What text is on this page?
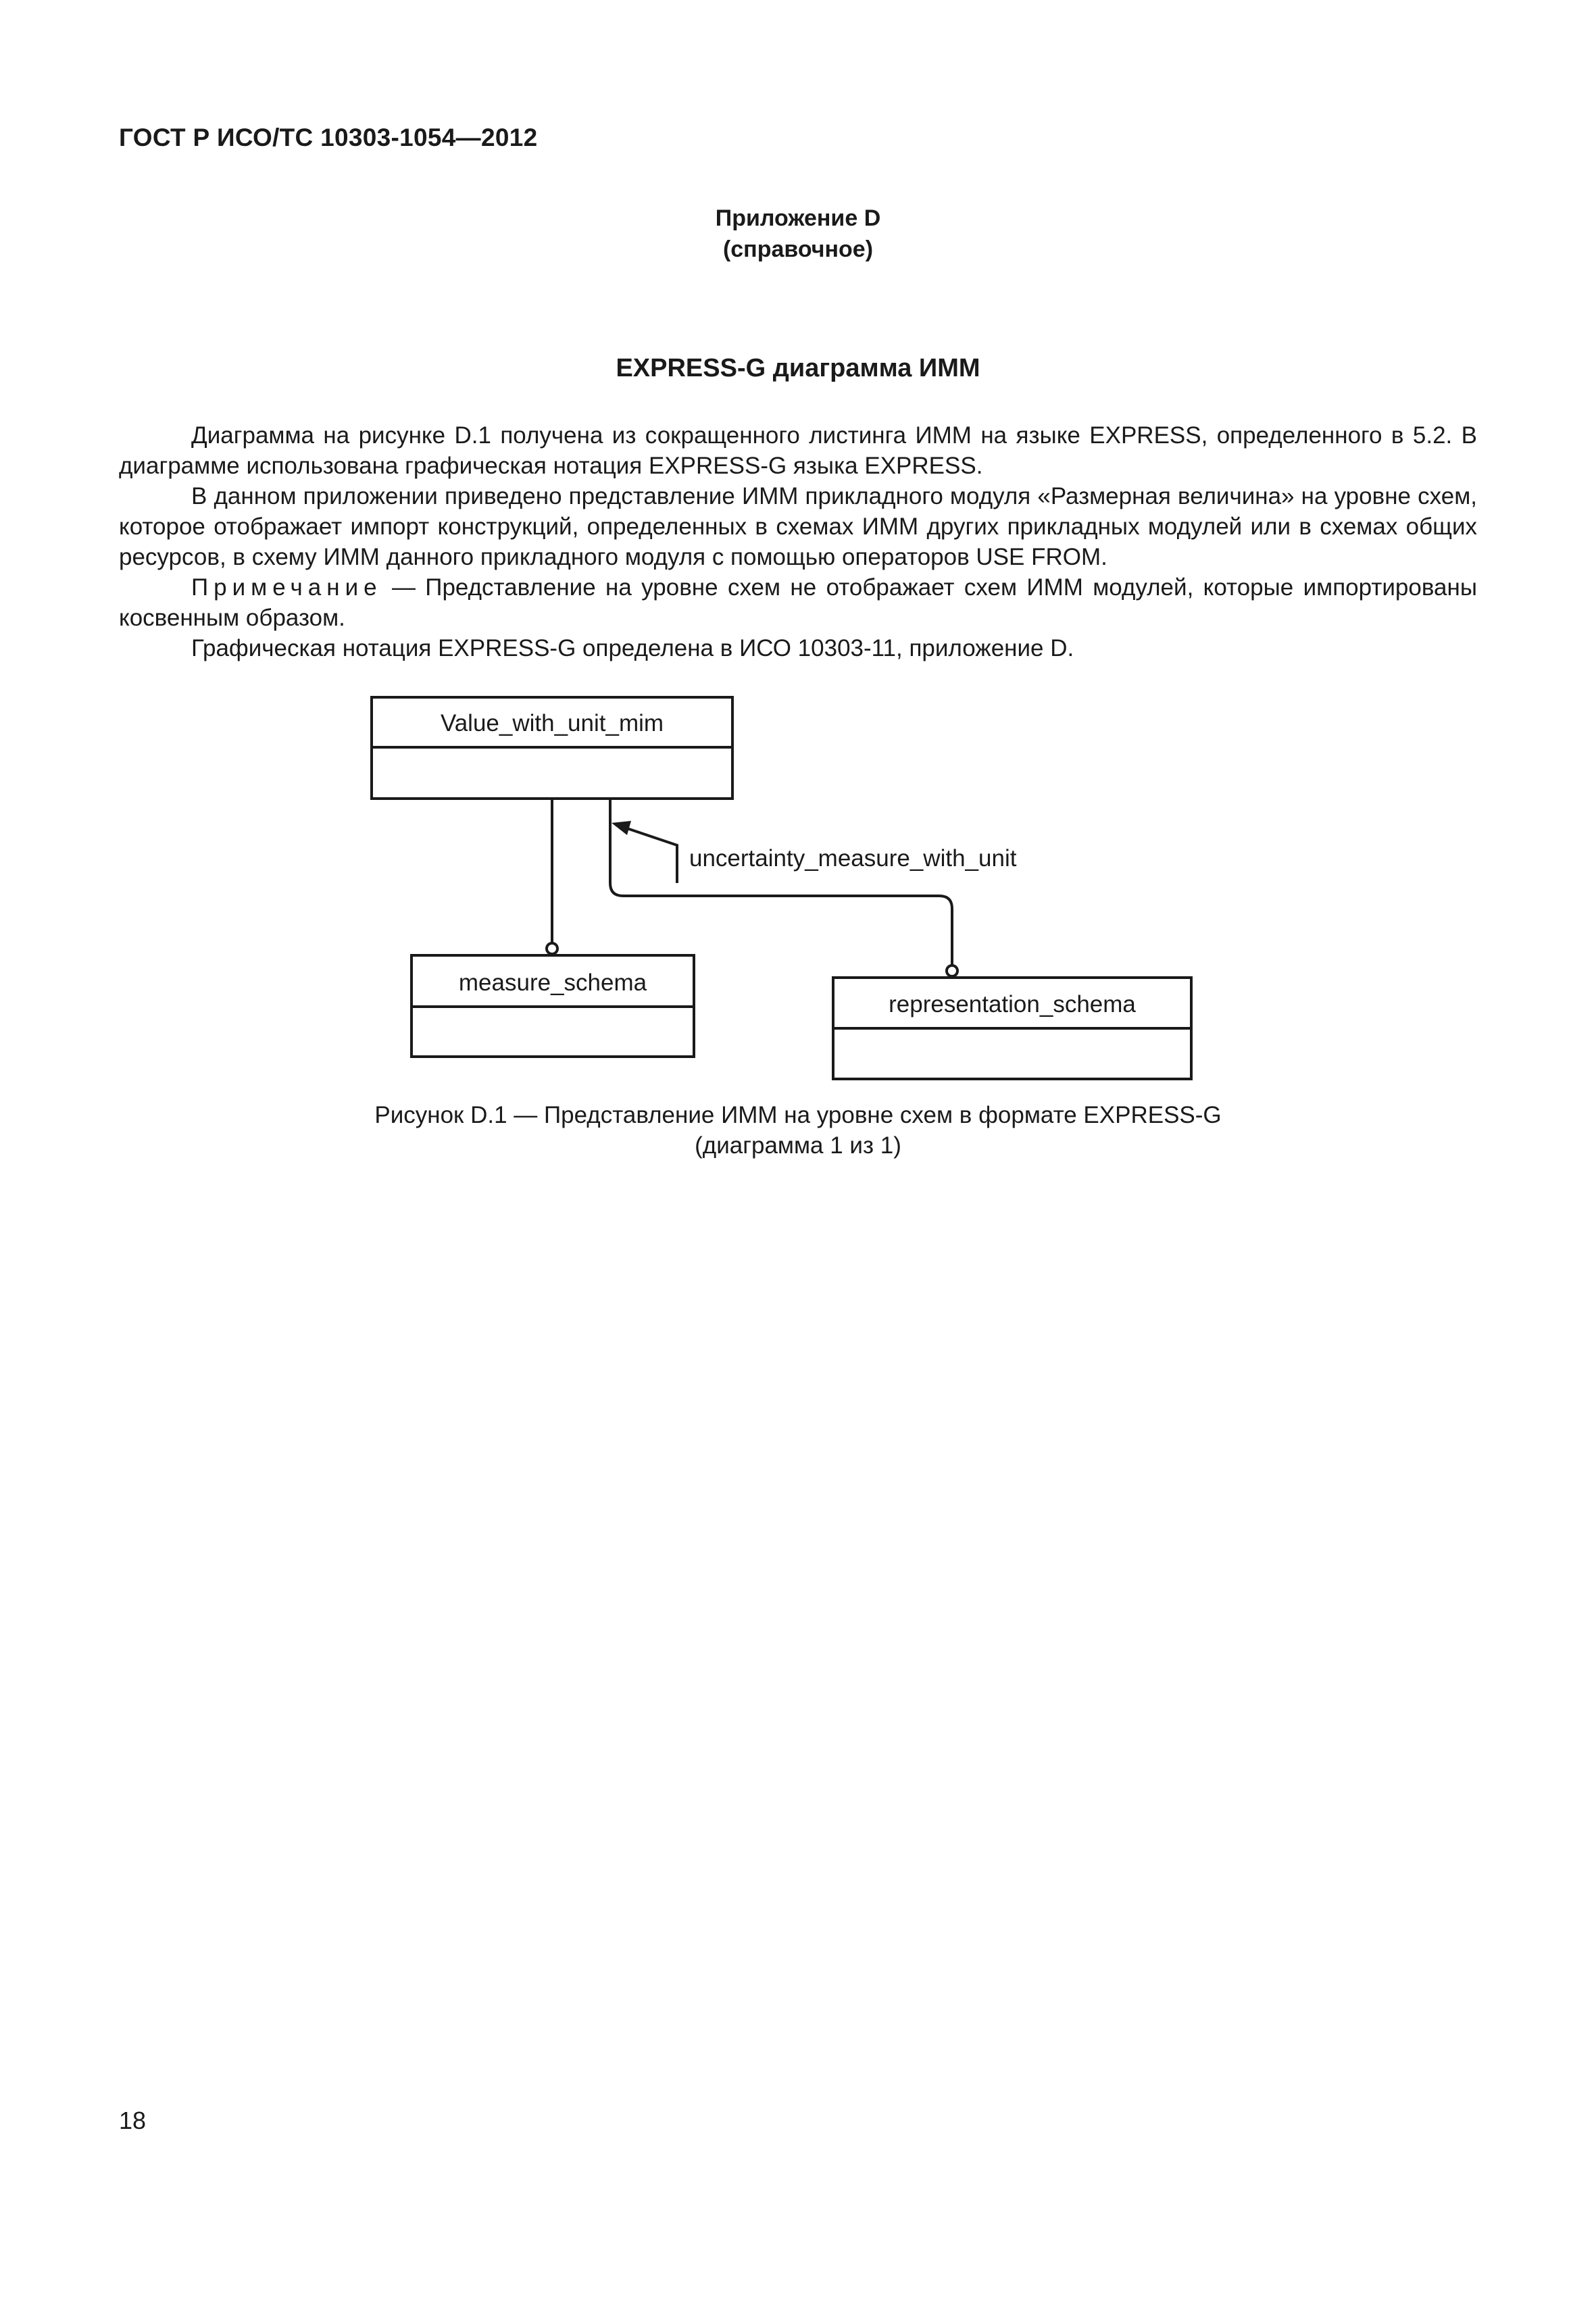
ГОСТ Р ИСО/ТС 10303-1054—2012
Приложение D
(справочное)
EXPRESS-G диаграмма ИММ

Диаграмма на рисунке D.1 получена из сокращенного листинга ИММ на языке EXPRESS, определенного в 5.2. В диаграмме использована графическая нотация EXPRESS-G языка EXPRESS.

В данном приложении приведено представление ИММ прикладного модуля «Размерная величина» на уровне схем, которое отображает импорт конструкций, определенных в схемах ИММ других прикладных модулей или в схемах общих ресурсов, в схему ИММ данного прикладного модуля с помощью операторов USE FROM.

Примечание — Представление на уровне схем не отображает схем ИММ модулей, которые импортированы косвенным образом.

Графическая нотация EXPRESS-G определена в ИСО 10303-11, приложение D.

Value_with_unit_mim
measure_schema
representation_schema
uncertainty_measure_with_unit
Рисунок D.1 — Представление ИММ на уровне схем в формате EXPRESS-G
(диаграмма 1 из 1)
18
